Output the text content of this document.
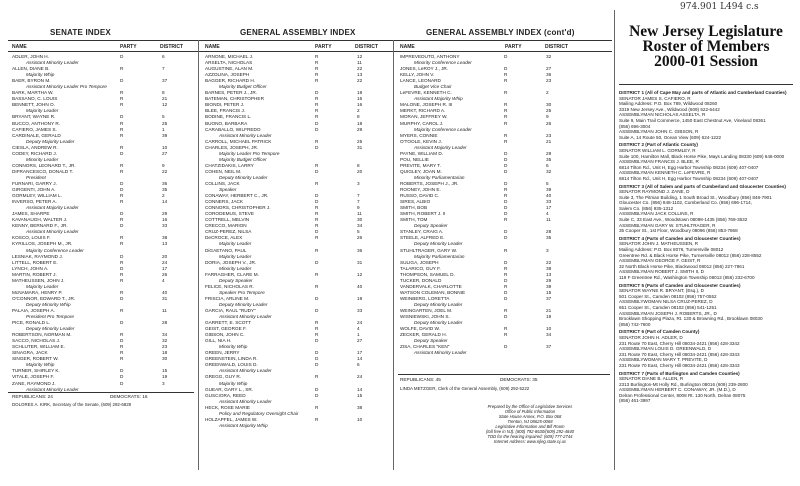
974.901 L494 c.s
SENATE INDEX	GENERAL ASSEMBLY INDEX	GENERAL ASSEMBLY INDEX (cont'd)
NAME	PARTY	DISTRICT	NAME	PARTY	DISTRICT	NAME	PARTY	DISTRICT
ADLER, JOHN H.	D	6
Assistant Minority Leader
ALLEN, DIANE B.	R	7
Majority Whip
BAER, BYRON M.	D	37
Assistant Minority Leader Pro Tempore
BARK, MARTHA W.	R	8
BASSANO, C. LOUIS	R	21
BENNETT, JOHN O.	R	12
Majority Leader
BRYANT, WAYNE R.	D	5
BUCCO, ANTHONY R.	R	25
CAFIERO, JAMES S.	R	1
CARDINALE, GERALD	R	39
Deputy Majority Leader
CIESLA, ANDREW R.	R	10
CODEY, RICHARD J.	D	27
Minority Leader
CONNORS, LEONARD T., JR.	R	9
DIFRANCESCO, DONALD T.	R	22
President
FURNARI, GARRY J.	D	36
GIRGENTI, JOHN A.	D	35
GORMLEY, WILLIAM L.	R	2
INVERSO, PETER A.	R	14
Assistant Majority Leader
JAMES, SHARPE	D	29
KAVANAUGH, WALTER J.	R	16
KENNY, BERNARD F., JR.	D	33
Assistant Minority Leader
KOSCO, LOUIS F.	R	38
KYRILLOS, JOSEPH M., JR.	R	13
Majority Conference Leader
LESNIAK, RAYMOND J.	D	20
LITTELL, ROBERT E.	R	24
LYNCH, JOHN A.	D	17
MARTIN, ROBERT J.	R	26
MATHEUSSEN, JOHN J.	R	4
Majority Leader
McNAMARA, HENRY P.	R	40
O'CONNOR, EDWARD T., JR.	D	31
Deputy Minority Whip
PALAIA, JOSEPH A.	R	11
President Pro Tempore
PICE, RONALD L.	D	28
Deputy Minority Leader
ROBERTSON, NORMAN M.	R	34
SACCO, NICHOLAS J.	D	32
SCHLUTER, WILLIAM E.	R	23
SINAGRA, JACK	R	18
SINGER, ROBERT W.	R	30
Majority Whip
TURNER, SHIRLEY K.	D	15
VITALE, JOSEPH F.	D	19
ZANE, RAYMOND J.	D	3
Assistant Minority Leader
ARNONE, MICHAEL J.	R	12
ARSELTA, NICHOLAS	R	11
AUGUSTINE, ALAN M.	R	22
AZZOLINA, JOSEPH	R	13
BAGGER, RICHARD H.	R	22
Majority Budget Officer
BARNES, PETER J., JR.	D	18
BATEMAN, CHRISTOPHER	R	16
BIONDI, PETER J.	R	16
BLEE, FRANCIS J.	R	2
BODINE, FRANCIS L.	R	8
BUONO, BARBARA	D	18
CARABALLO, WILFREDO	D	29
Assistant Minority Leader
CARROLL, MICHAEL PATRICK	R	25
CHARLES, JOSEPH, JR.	D	31
Majority Leader Pro Tempore
Majority Budget Officer
CHATZIDAKIS, LARRY	R	8
COHEN, NEIL M.	D	20
Deputy Minority Leader
COLLINS, JACK	R	3
Speaker
CONAWAY, HERBERT C., JR.	D	7
CONNERS, JACK	D	7
CONNORS, CHRISTOPHER J.	R	9
CORODEMUS, STEVE	R	11
COTTRELL, MELVIN	R	30
CRECCO, MARION	R	34
CRUZ-PEREZ, NILSA	D	5
DeCROCE, ALEX	R	26
Majority Leader
DiGAETANO, PAUL	R	36
Majority Leader
DORIA, JOSEPH V., JR.	D	31
Minority Leader
FARRAGHER, CLARE M.	R	12
Deputy Speaker
FELICE, NICHOLAS R.	R	40
Speaker Pro Tempore
FRISCIA, ARLINE M.	D	19
Deputy Minority Leader
GARCIA, RAUL "RUDY"	D	33
Assistant Minority Leader
GARRETT, E. SCOTT	R	24
GEIST, GEORGE F.	R	4
GIBSON, JOHN C.	R	1
GILL, NIA H.	D	27
Minority Whip
GREEN, JERRY	D	17
GREENSTEIN, LINDA R.	D	14
GREENWALD, LOUIS D.	D	6
Assistant Minority Leader
GREGG, GUY R.	R	24
Majority Whip
GUEAR, GARY L., SR.	D	14
GUSCIORA, REED	D	15
Assistant Minority Leader
HECK, ROSE MARIE	R	38
Policy and Regulatory Oversight Chair
HOLZAPFEL, JAMES W.	R	10
Assistant Majority Whip
IMPREVEDUTO, ANTHONY	D	32
Minority Conference Leader
JONES, LeROY J., JR.	D	27
KELLY, JOHN V.	R	36
LANCE, LEONARD	R	23
Budget Vice Chair
LeFEVRE, KENNETH C.	R	2
Assistant Majority Whip
MALONE, JOSEPH R. III	R	30
MERKT, RICHARD A.	R	25
MORAN, JEFFREY W.	R	9
MURPHY, CAROL J.	R	26
Majority Conference Leader
MYERS, CONNIE	R	23
O'TOOLE, KEVIN J.	R	21
Assistant Majority Leader
PAYNE, WILLIAM D.	D	29
POU, NELLIE	D	35
PREVITE, MARY T.	D	6
QUIGLEY, JOAN M.	D	32
Minority Parliamentarian
ROBERTS, JOSEPH J., JR.	D	5
ROONEY, JOHN E.	R	39
RUSSO, DAVID C.	R	40
SIRES, ALBIO	D	33
SMITH, BOB	D	17
SMITH, ROBERT J. II	D	4
SMITH, TOM	R	11
Deputy Speaker
STANLEY, CRAIG A.	D	28
STEELE, ALFRED E.	D	35
Deputy Minority Leader
STUHLTRAGER, GARY W.	R	3
Majority Parliamentarian
SULIGA, JOSEPH	D	22
TALARICO, GUY F.	R	38
THOMPSON, SAMUEL D.	R	13
TUCKER, DONALD	D	29
VANDERVALK, CHARLOTTE	R	39
WATSON COLEMAN, BONNIE	D	15
WEINBERG, LORETTA	D	37
Deputy Minority Leader
WEINGARTEN, JOEL M.	R	21
WISNIEWSKI, JOHN S.	D	19
Deputy Minority Leader
WOLFE, DAVID W.	R	10
ZECKER, GERALD H.	R	34
Deputy Speaker
ZISA, CHARLES "KEN"	D	37
Assistant Minority Leader
REPUBLICANS: 24	DEMOCRATS: 16
DOLORES A. KIRK, Secretary of the Senate, (609) 292-6828
REPUBLICANS: 45	DEMOCRATS: 35
LINDA METZGER, Clerk of the General Assembly, (609) 292-5222
Prepared by the Office of Legislative Services
Office of Public Information
State House Annex, P.O. Box 068
Trenton, NJ 08625-0068
Legislative Information and Bill Room
(toll free in NJ): (800) 792-8630/(609) 292-4840
TDD for the hearing impaired: (609) 777-2744
Internet Address: www.njleg.state.nj.us
New Jersey Legislature
Roster of Members
2000-01 Session
DISTRICT 1 (All of Cape May and parts of Atlantic and Cumberland Counties)
SENATOR JAMES S. CAFIERO, R
Mailing Address: P.O. Box 789, Wildwood 08260
3319 New Jersey Ave., Wildwood (609) 522-6442
ASSEMBLYMAN NICHOLAS ASSELTA, R
Suite 9, Main Trail Commerce, 1450 East Chestnut Ave, Vineland 08361
(856) 696-3004
ASSEMBLYMAN JOHN C. GIBSON, R
Suite A, 14 Route 50, Ocean View (609) 624-1222
DISTRICT 2 (Part of Atlantic County)
SENATOR WILLIAM L. GORMLEY, R
Suite 100, Hamilton Mall, Black Horse Pike, Mays Landing 08330 (609) 646-0000
ASSEMBLYMAN FRANCIS J. BLEE, R
6814 Tilton Rd., Unit H, Egg Harbor Township 08234 (609) 407-0407
ASSEMBLYMAN KENNETH C. LeFEVRE, R
6814 Tilton Rd., Unit H, Egg Harbor Township 08234 (609) 407-0407
DISTRICT 3 (All of Salem and parts of Cumberland and Gloucester Counties)
SENATOR RAYMOND J. ZANE, D
Suite 3, The Pitman Building, 1 South Broad St., Woodbury (856) 848-7901
Gloucester Co. (856) 848-1102, Cumberland Co. (856) 696-1714,
Salem Co. (856) 935-1312
ASSEMBLYMAN JACK COLLINS, R
Suite C, 33 East Ave., Woodstown 08098-1435 (856) 769-3632
ASSEMBLYMAN GARY W. STUHLTRAGER, R
35 Cooper St., 1st Floor, Woodbury 08096 (856) 853-7868
DISTRICT 4 (Parts of Camden and Gloucester Counties)
SENATOR JOHN J. MATHEUSSEN, R
Mailing Address: P.O. Box 8076, Turnersville 08012
Greentree Rd. & Black Horse Pike, Turnersville 08012 (856) 228-8552
ASSEMBLYMAN GEORGE F. GEIST, R
32 North Black Horse Pike, Blackwood 08012 (856) 227-7861
ASSEMBLYMAN ROBERT J. SMITH II, D
119 F Greentree Rd., Washington Township 08012 (856) 232-6700
DISTRICT 5 (Parts of Camden and Gloucester Counties)
SENATOR WAYNE R. BRYANT, (Esq.), D
501 Cooper St., Camden 08102 (856) 757-0552
ASSEMBLYWOMAN NILSA CRUZ-PEREZ, D
651 Cooper St., Camden 08102 (856) 541-1251
ASSEMBLYMAN JOSEPH J. ROBERTS, JR., D
Brooklawn Shopping Plaza, Rt. 130 & Browning Rd., Brooklawn 08030
(856) 742-7600
DISTRICT 6 (Part of Camden County)
SENATOR JOHN H. ADLER, D
231 Route 70 East, Cherry Hill 08034-2421 (856) 428-3342
ASSEMBLYMAN LOUIS D. GREENWALD, D
231 Route 70 East, Cherry Hill 08034-2421 (856) 428-3343
ASSEMBLYWOMAN MARY T. PREVITE, D
231 Route 70 East, Cherry Hill 08034-2421 (856) 428-3343
DISTRICT 7 (Parts of Burlington and Camden Counties)
SENATOR DIANE B. ALLEN, R
2313 Burlington-Mt Holly Rd., Burlington 08016 (609) 239-2800
ASSEMBLYMAN HERBERT C. CONAWAY, JR. (M.D.), D
Delran Professional Center, 8008 Rt. 130 North, Delran 08075
(856) 461-3997
